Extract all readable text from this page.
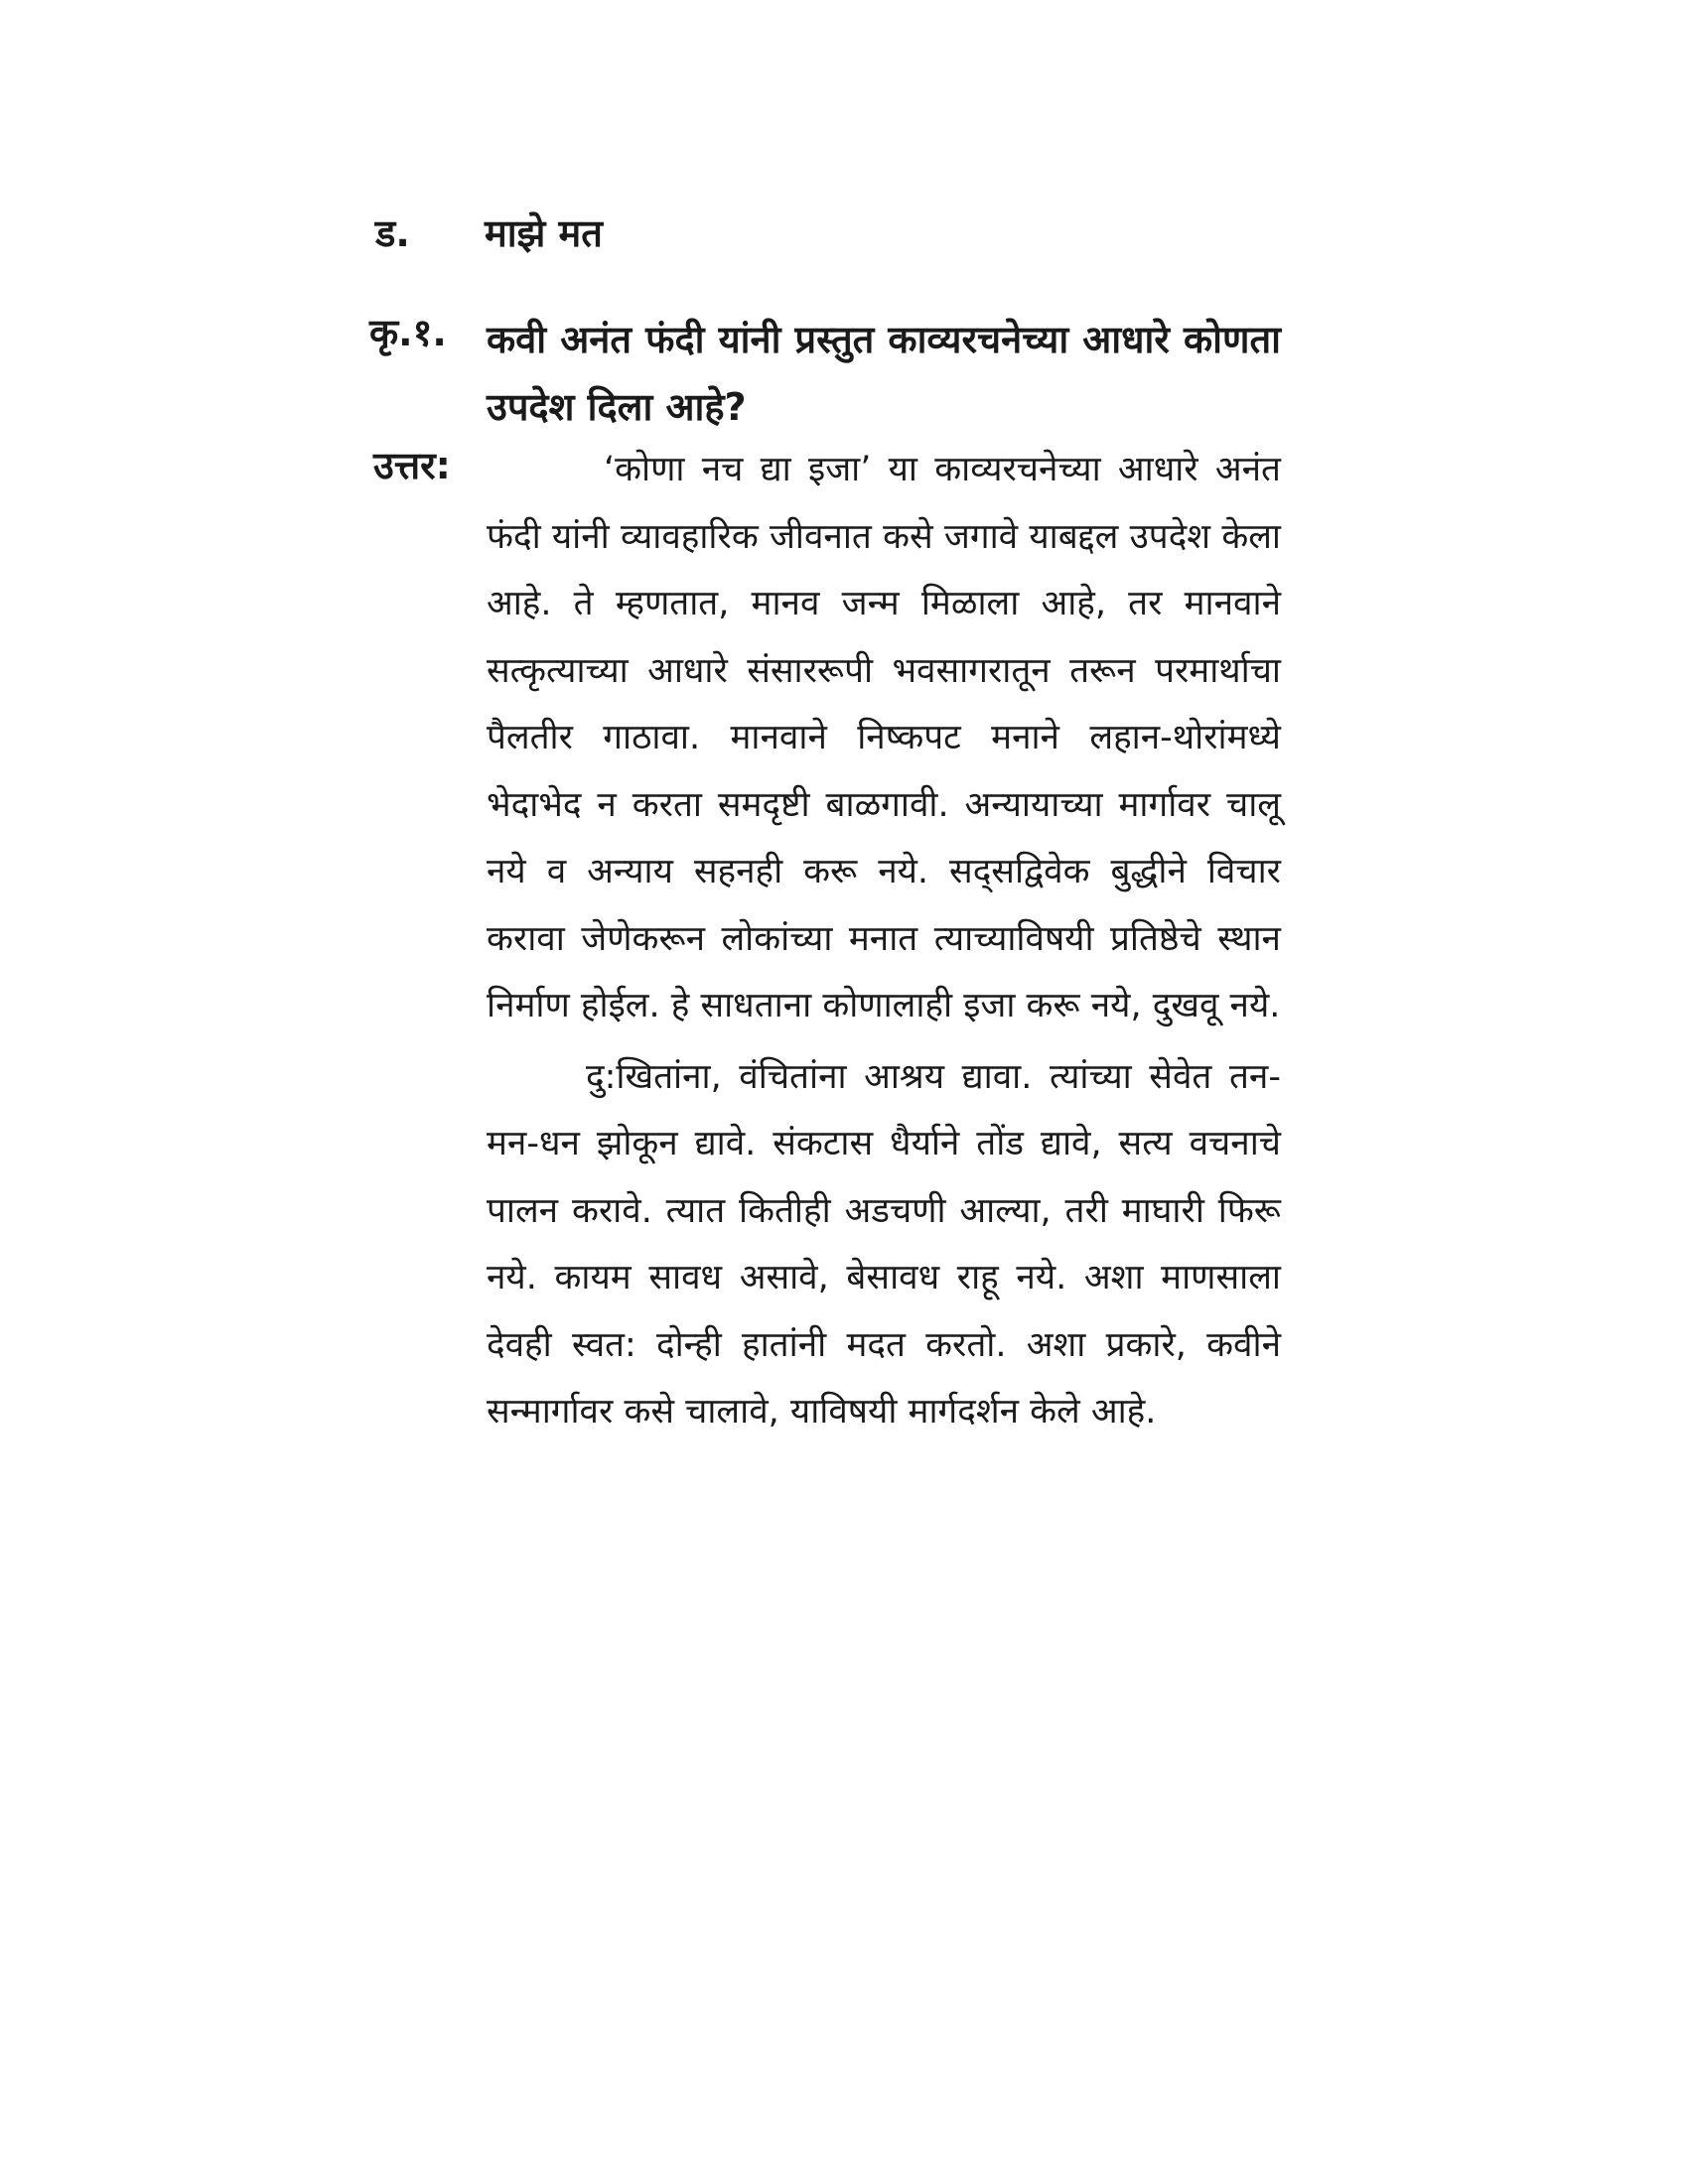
ड. माझे मत
कृ.१. कवी अनंत फंदी यांनी प्रस्तुत काव्यरचनेच्या आधारे कोणता उपदेश दिला आहे?
उत्तर:	‘कोणा नच द्या इजा’ या काव्यरचनेच्या आधारे अनंत फंदी यांनी व्यावहारिक जीवनात कसे जगावे याबद्दल उपदेश केला आहे. ते म्हणतात, मानव जन्म मिळाला आहे, तर मानवाने सत्कृत्याच्या आधारे संसाररूपी भवसागरातून तरून परमार्थाचा पैलतीर गाठावा. मानवाने निष्कपट मनाने लहान-थोरांमध्ये भेदाभेद न करता समदृष्टी बाळगावी. अन्यायाच्या मार्गावर चालू नये व अन्याय सहनही करू नये. सद्सद्विवेक बुद्धीने विचार करावा जेणेकरून लोकांच्या मनात त्याच्याविषयी प्रतिष्ठेचे स्थान निर्माण होईल. हे साधताना कोणालाही इजा करू नये, दुखवू नये.

दु:खितांना, वंचितांना आश्रय द्यावा. त्यांच्या सेवेत तन-मन-धन झोकून द्यावे. संकटास धैर्याने तोंड द्यावे, सत्य वचनाचे पालन करावे. त्यात कितीही अडचणी आल्या, तरी माघारी फिरू नये. कायम सावध असावे, बेसावध राहू नये. अशा माणसाला देवही स्वत: दोन्ही हातांनी मदत करतो. अशा प्रकारे, कवीने सन्मार्गावर कसे चालावे, याविषयी मार्गदर्शन केले आहे.
